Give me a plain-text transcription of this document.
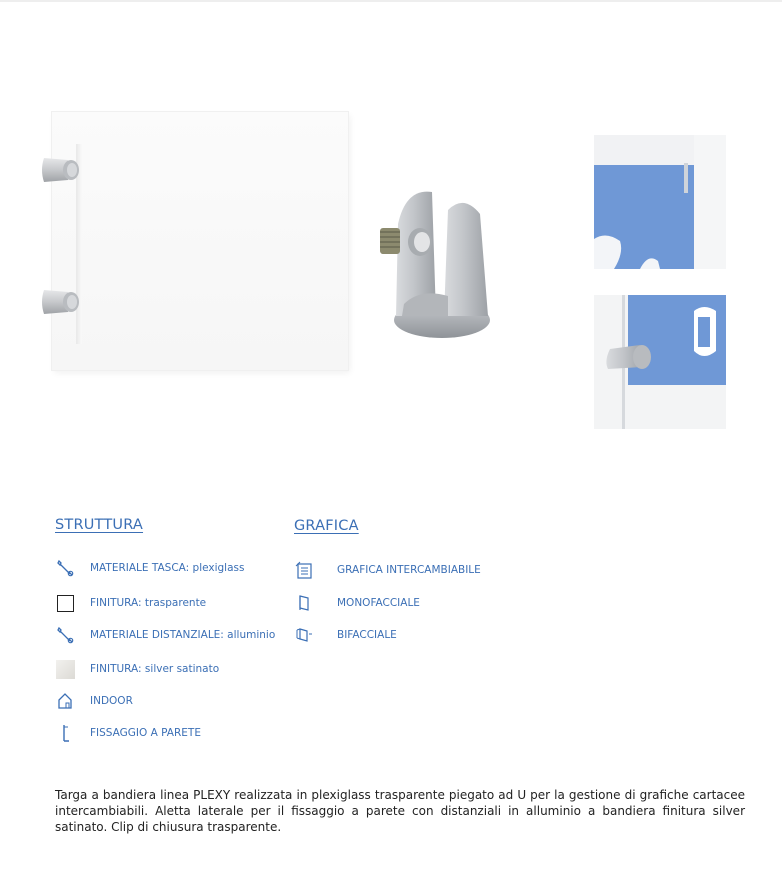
STRUTTURA
MATERIALE TASCA: plexiglass
FINITURA: trasparente
MATERIALE DISTANZIALE: alluminio
FINITURA: silver satinato
INDOOR
FISSAGGIO A PARETE
GRAFICA
GRAFICA INTERCAMBIABILE
MONOFACCIALE
BIFACCIALE
Targa a bandiera linea PLEXY realizzata in plexiglass trasparente piegato ad U per la gestione di grafiche cartacee intercambiabili. Aletta laterale per il fissaggio a parete con distanziali in alluminio a bandiera finitura silver satinato. Clip di chiusura trasparente.
